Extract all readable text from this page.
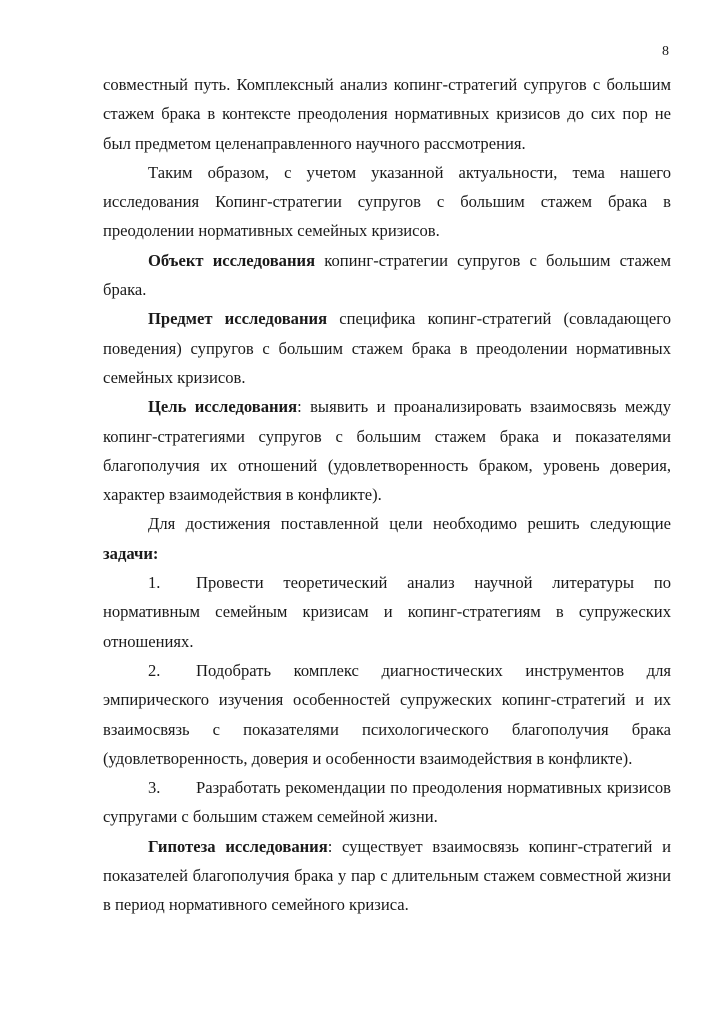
8

совместный путь. Комплексный анализ копинг-стратегий супругов с большим стажем брака в контексте преодоления нормативных кризисов до сих пор не был предметом целенаправленного научного рассмотрения.

Таким образом, с учетом указанной актуальности, тема нашего исследования Копинг-стратегии супругов с большим стажем брака в преодолении нормативных семейных кризисов.

Объект исследования копинг-стратегии супругов с большим стажем брака.

Предмет исследования специфика копинг-стратегий (совладающего поведения) супругов с большим стажем брака в преодолении нормативных семейных кризисов.

Цель исследования: выявить и проанализировать взаимосвязь между копинг-стратегиями супругов с большим стажем брака и показателями благополучия их отношений (удовлетворенность браком, уровень доверия, характер взаимодействия в конфликте).

Для достижения поставленной цели необходимо решить следующие задачи:

1. Провести теоретический анализ научной литературы по нормативным семейным кризисам и копинг-стратегиям в супружеских отношениях.

2. Подобрать комплекс диагностических инструментов для эмпирического изучения особенностей супружеских копинг-стратегий и их взаимосвязь с показателями психологического благополучия брака (удовлетворенность, доверия и особенности взаимодействия в конфликте).

3. Разработать рекомендации по преодоления нормативных кризисов супругами с большим стажем семейной жизни.

Гипотеза исследования: существует взаимосвязь копинг-стратегий и показателей благополучия брака у пар с длительным стажем совместной жизни в период нормативного семейного кризиса.
